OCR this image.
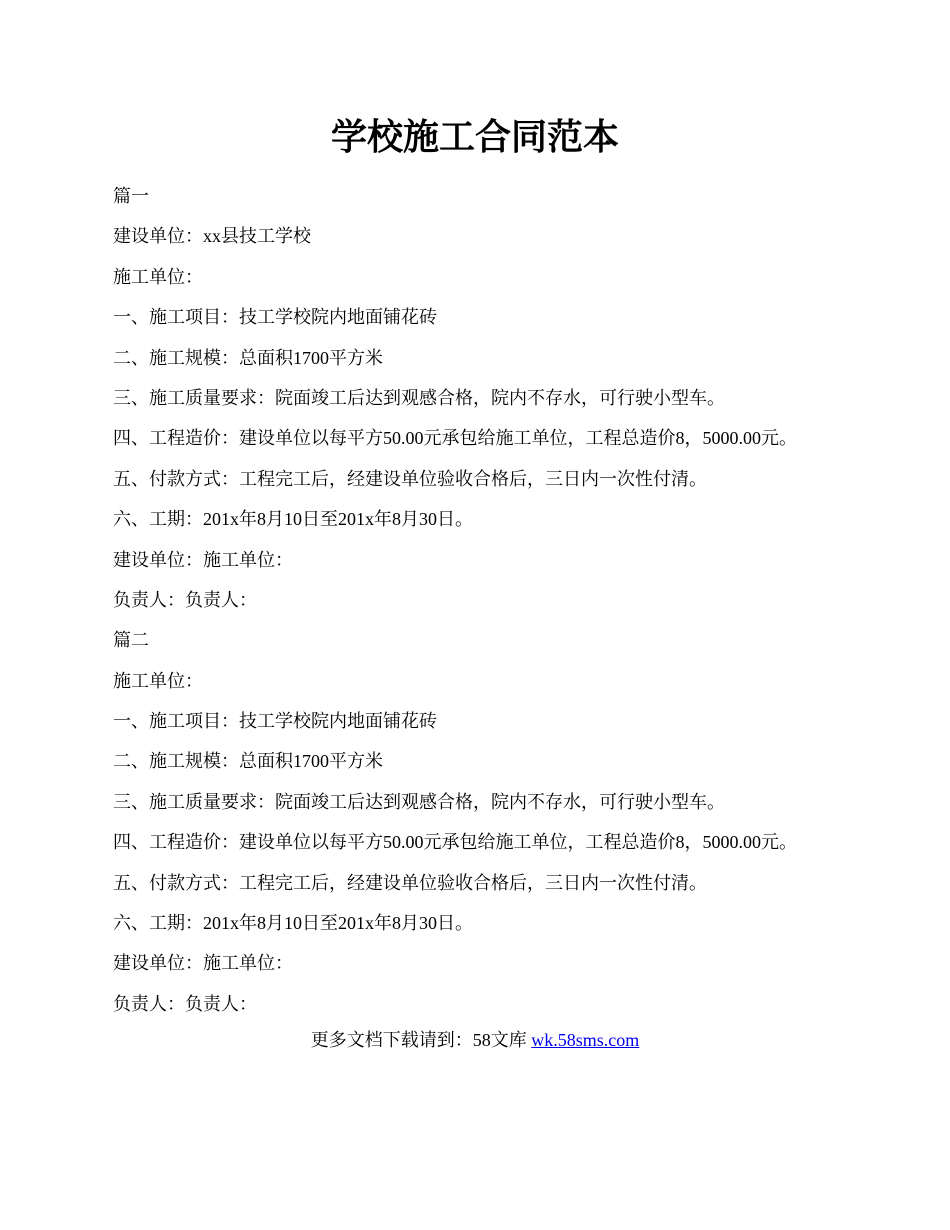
学校施工合同范本

篇一

建设单位：xx县技工学校

施工单位：

一、施工项目：技工学校院内地面铺花砖

二、施工规模：总面积1700平方米

三、施工质量要求：院面竣工后达到观感合格，院内不存水，可行驶小型车。

四、工程造价：建设单位以每平方50.00元承包给施工单位，工程总造价8，5000.00元。

五、付款方式：工程完工后，经建设单位验收合格后，三日内一次性付清。

六、工期：201x年8月10日至201x年8月30日。

建设单位：施工单位：

负责人：负责人：

篇二

施工单位：

一、施工项目：技工学校院内地面铺花砖

二、施工规模：总面积1700平方米

三、施工质量要求：院面竣工后达到观感合格，院内不存水，可行驶小型车。

四、工程造价：建设单位以每平方50.00元承包给施工单位，工程总造价8，5000.00元。

五、付款方式：工程完工后，经建设单位验收合格后，三日内一次性付清。

六、工期：201x年8月10日至201x年8月30日。

建设单位：施工单位：

负责人：负责人：

更多文档下载请到：58文库 wk.58sms.com
